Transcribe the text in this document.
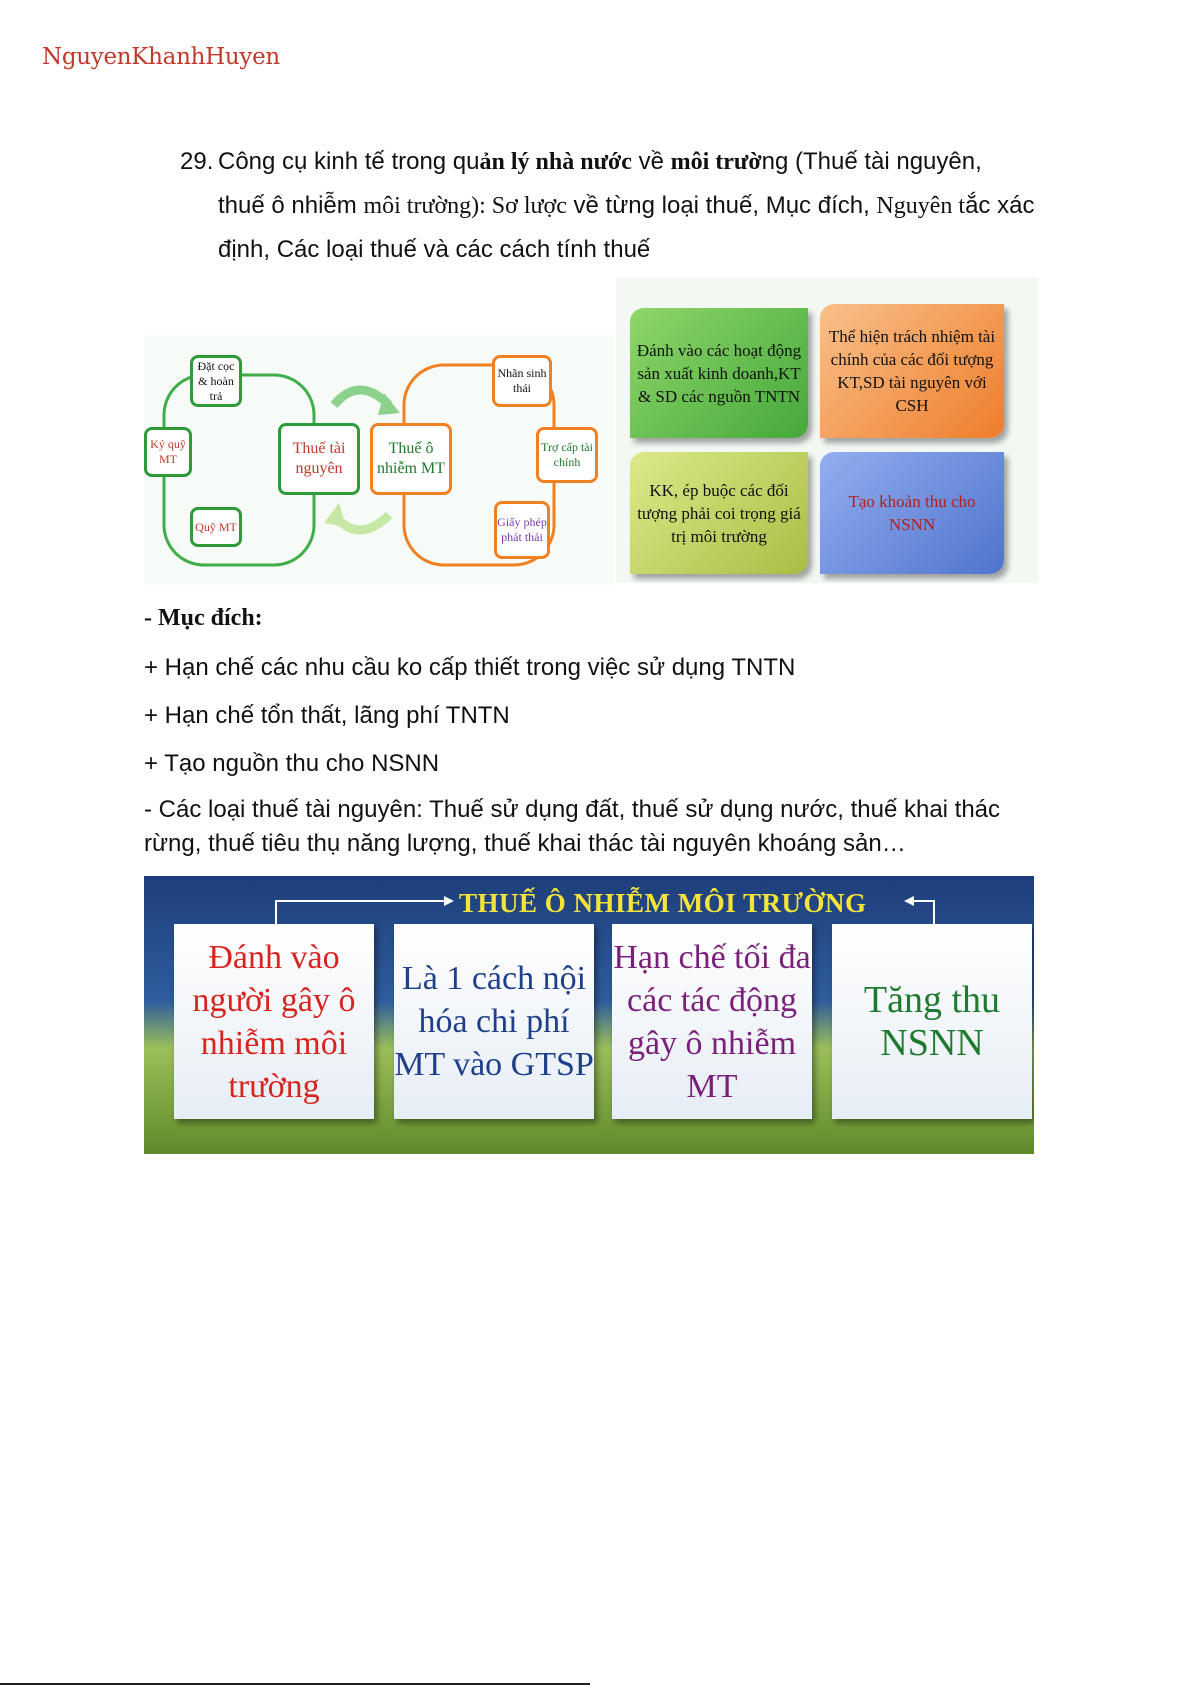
NguyenKhanhHuyen
29. Công cụ kinh tế trong quản lý nhà nước về môi trường (Thuế tài nguyên,

thuế ô nhiễm môi trường): Sơ lược về từng loại thuế, Mục đích, Nguyên tắc xác

định, Các loại thuế và các cách tính thuế

Đặt cọc & hoàn trả
Ký quỹ MT
Quỹ MT
Thuế tài nguyên
Thuế ô nhiễm MT
Nhãn sinh thái
Trợ cấp tài chính
Giấy phép phát thải
Đánh vào các hoạt động sản xuất kinh doanh,KT & SD các nguồn TNTN
Thể hiện trách nhiệm tài chính của các đối tượng KT,SD tài nguyên với CSH
KK, ép buộc các đối tượng phải coi trọng giá trị môi trường
Tạo khoản thu cho NSNN
- Mục đích:
+ Hạn chế các nhu cầu ko cấp thiết trong việc sử dụng TNTN
+ Hạn chế tổn thất, lãng phí TNTN
+ Tạo nguồn thu cho NSNN
- Các loại thuế tài nguyên: Thuế sử dụng đất, thuế sử dụng nước, thuế khai thác
rừng, thuế tiêu thụ năng lượng, thuế khai thác tài nguyên khoáng sản…
THUẾ Ô NHIỄM MÔI TRƯỜNG
Đánh vào người gây ô nhiễm môi trường
Là 1 cách nội hóa chi phí MT vào GTSP
Hạn chế tối đa các tác động gây ô nhiễm MT
Tăng thu NSNN
